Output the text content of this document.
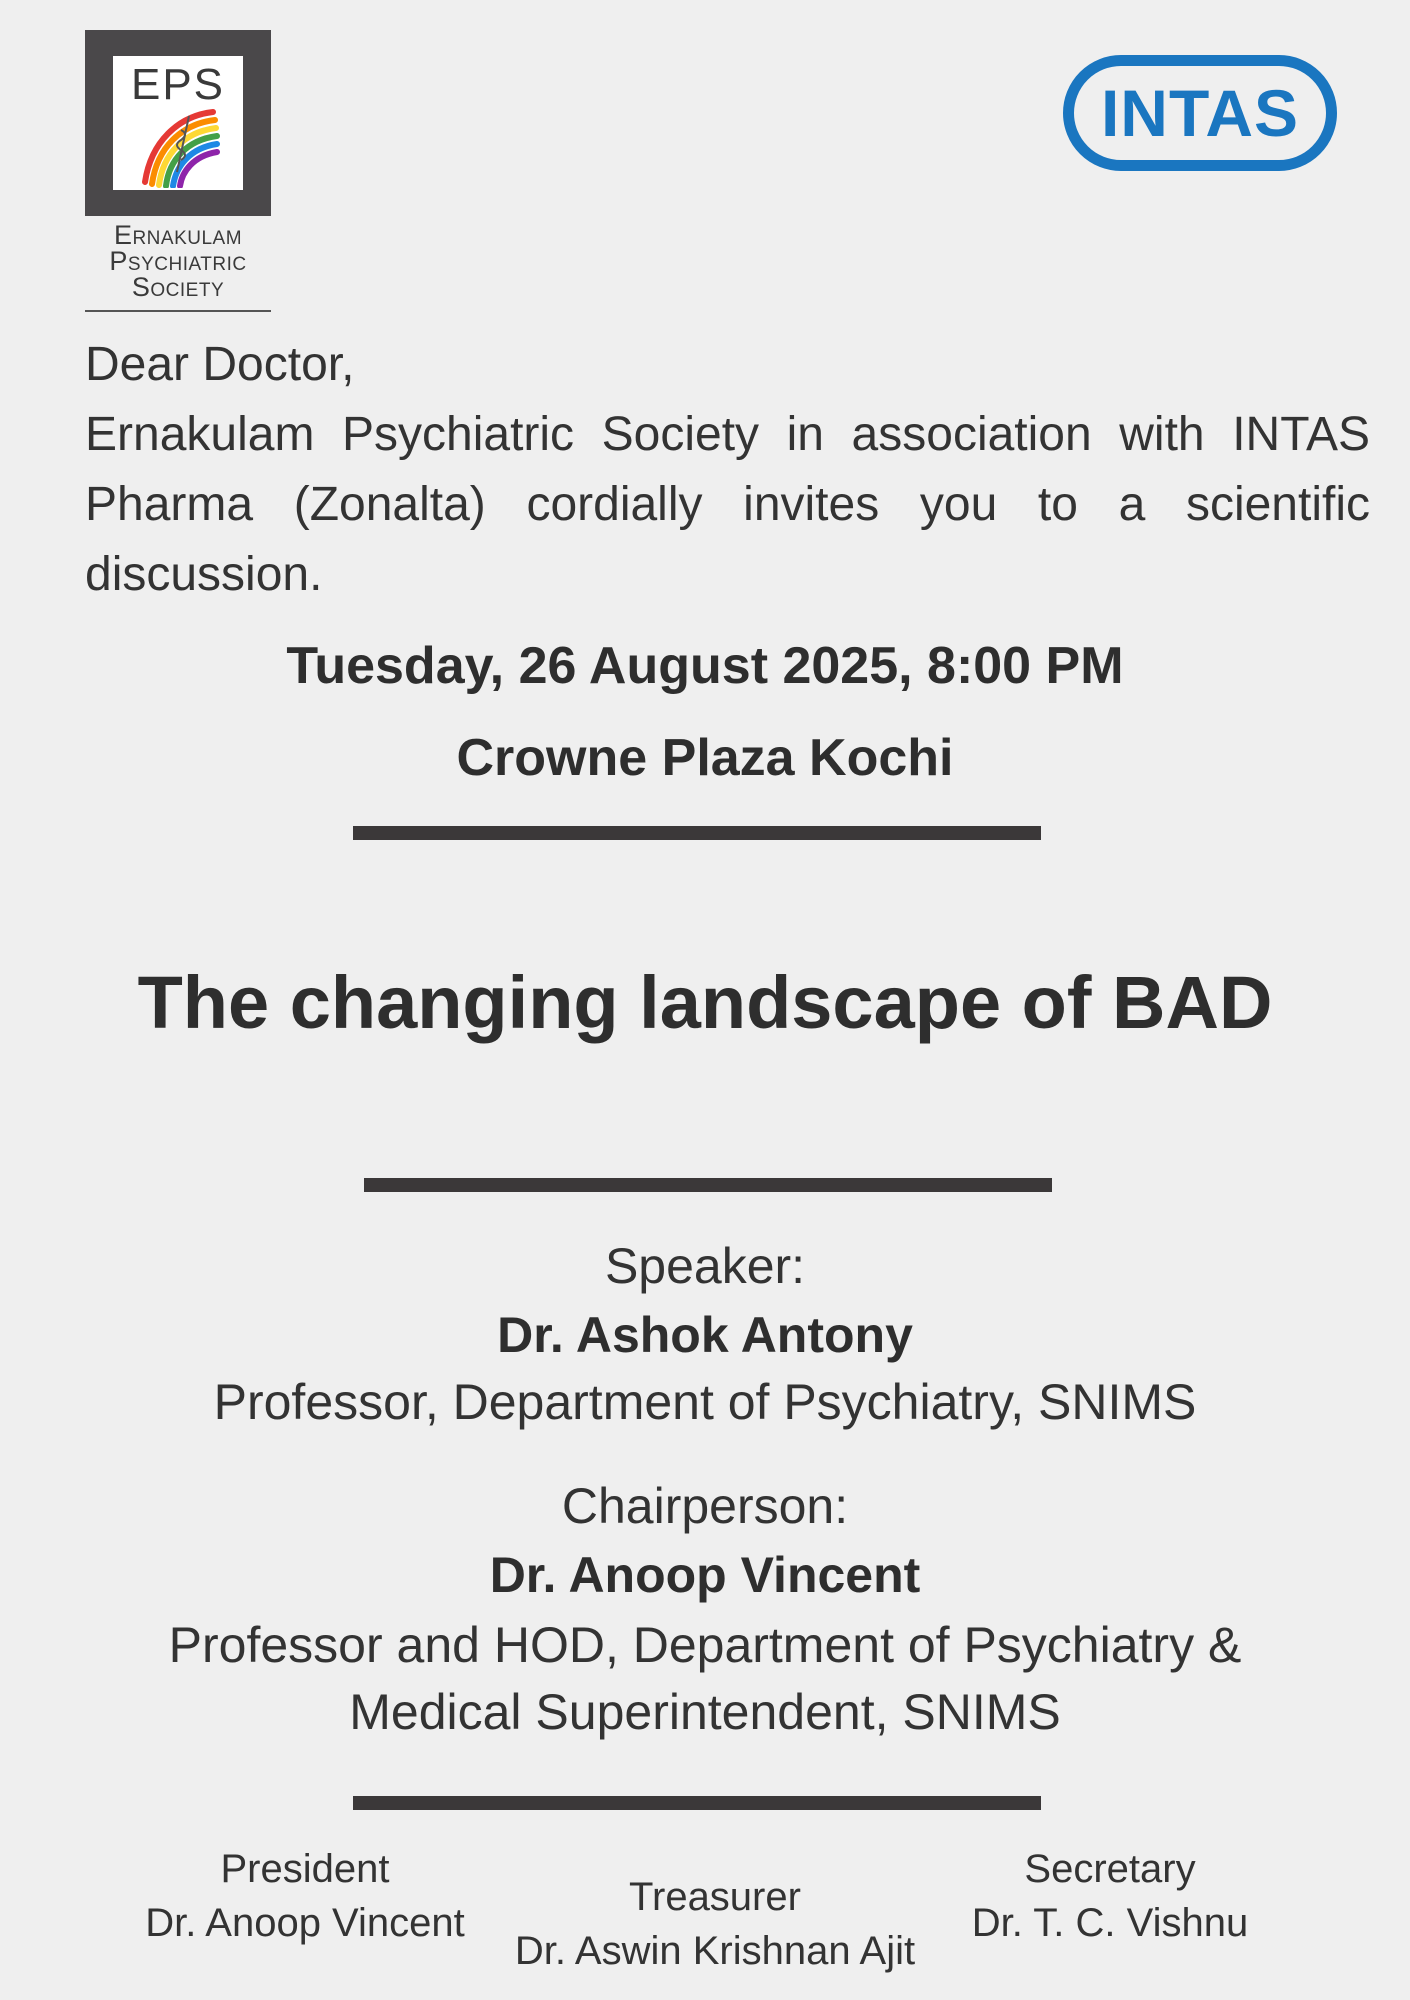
EPS
Ernakulam
Psychiatric
Society
INTAS
Dear Doctor,
Ernakulam Psychiatric Society in association with INTAS Pharma (Zonalta) cordially invites you to a scientific discussion.
Tuesday, 26 August 2025, 8:00 PM
Crowne Plaza Kochi
The changing landscape of BAD
Speaker:
Dr. Ashok Antony
Professor, Department of Psychiatry, SNIMS
Chairperson:
Dr. Anoop Vincent
Professor and HOD, Department of Psychiatry &
Medical Superintendent, SNIMS
President
Dr. Anoop Vincent
Treasurer
Dr. Aswin Krishnan Ajit
Secretary
Dr. T. C. Vishnu
